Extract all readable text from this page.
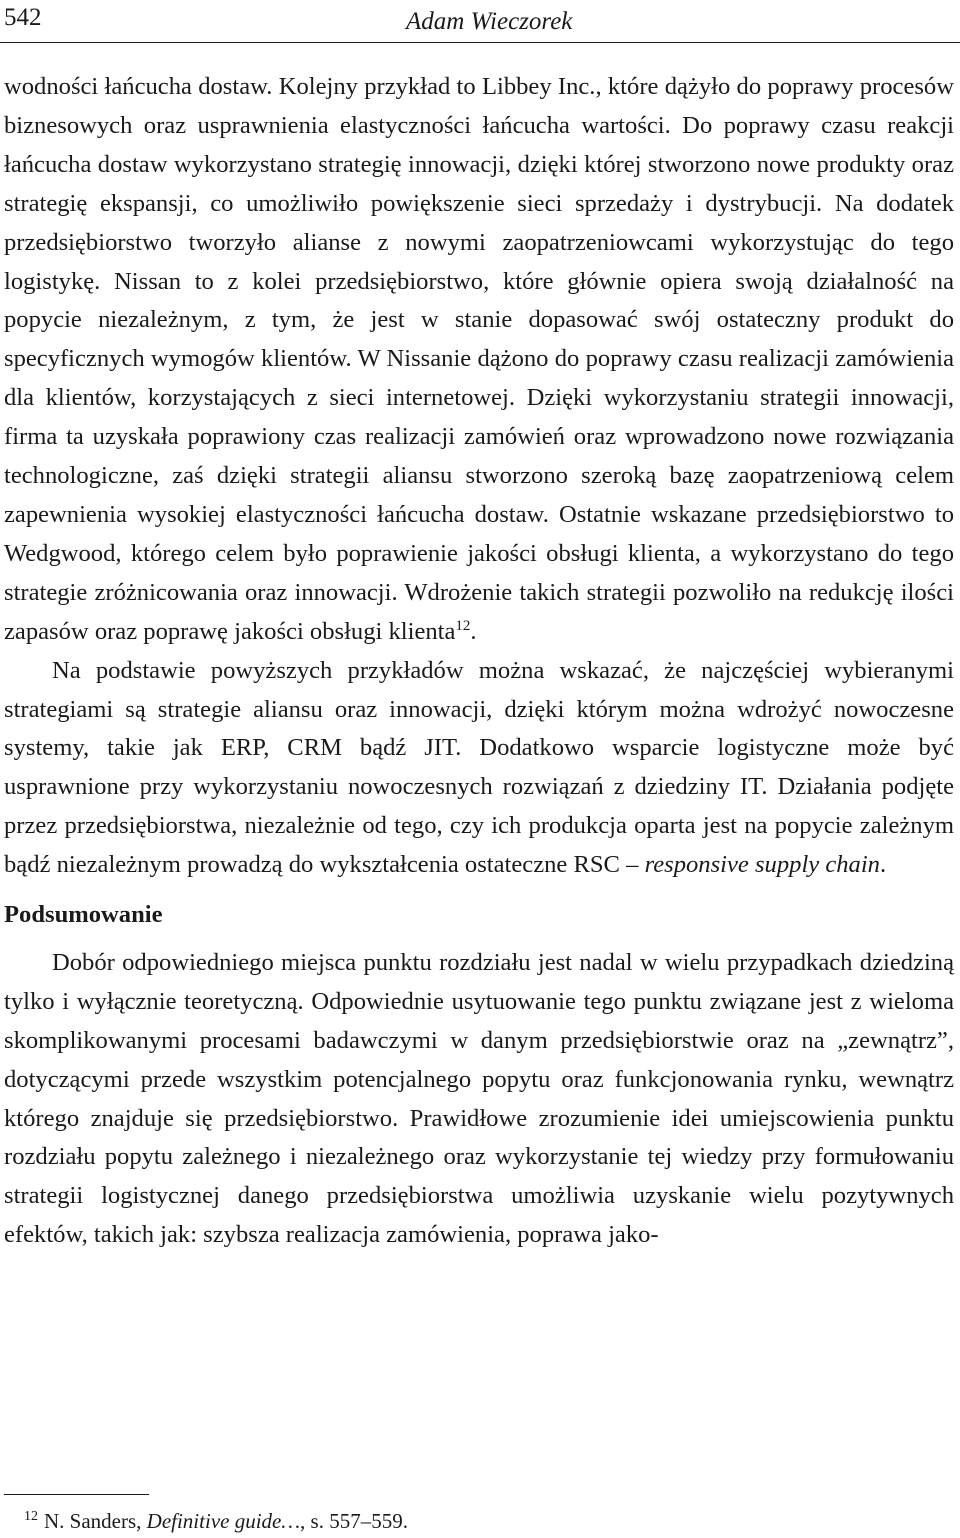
542	Adam Wieczorek

wodności łańcucha dostaw. Kolejny przykład to Libbey Inc., które dążyło do poprawy procesów biznesowych oraz usprawnienia elastyczności łańcucha wartości. Do poprawy czasu reakcji łańcucha dostaw wykorzystano strategię innowacji, dzięki której stworzono nowe produkty oraz strategię ekspansji, co umożliwiło powiększenie sieci sprzedaży i dystrybucji. Na dodatek przedsiębiorstwo tworzyło alianse z nowymi zaopatrzeniowcami wykorzystując do tego logistykę. Nissan to z kolei przedsiębiorstwo, które głównie opiera swoją działalność na popycie niezależnym, z tym, że jest w stanie dopasować swój ostateczny produkt do specyficznych wymogów klientów. W Nissanie dążono do poprawy czasu realizacji zamówienia dla klientów, korzystających z sieci internetowej. Dzięki wykorzystaniu strategii innowacji, firma ta uzyskała poprawiony czas realizacji zamówień oraz wprowadzono nowe rozwiązania technologiczne, zaś dzięki strategii aliansu stworzono szeroką bazę zaopatrzeniową celem zapewnienia wysokiej elastyczności łańcucha dostaw. Ostatnie wskazane przedsiębiorstwo to Wedgwood, którego celem było poprawienie jakości obsługi klienta, a wykorzystano do tego strategie zróżnicowania oraz innowacji. Wdrożenie takich strategii pozwoliło na redukcję ilości zapasów oraz poprawę jakości obsługi klienta$^{12}$.

Na podstawie powyższych przykładów można wskazać, że najczęściej wybieranymi strategiami są strategie aliansu oraz innowacji, dzięki którym można wdrożyć nowoczesne systemy, takie jak ERP, CRM bądź JIT. Dodatkowo wsparcie logistyczne może być usprawnione przy wykorzystaniu nowoczesnych rozwiązań z dziedziny IT. Działania podjęte przez przedsiębiorstwa, niezależnie od tego, czy ich produkcja oparta jest na popycie zależnym bądź niezależnym prowadzą do wykształcenia ostateczne RSC – responsive supply chain.

Podsumowanie

Dobór odpowiedniego miejsca punktu rozdziału jest nadal w wielu przypadkach dziedziną tylko i wyłącznie teoretyczną. Odpowiednie usytuowanie tego punktu związane jest z wieloma skomplikowanymi procesami badawczymi w danym przedsiębiorstwie oraz na „zewnątrz”, dotyczącymi przede wszystkim potencjalnego popytu oraz funkcjonowania rynku, wewnątrz którego znajduje się przedsiębiorstwo. Prawidłowe zrozumienie idei umiejscowienia punktu rozdziału popytu zależnego i niezależnego oraz wykorzystanie tej wiedzy przy formułowaniu strategii logistycznej danego przedsiębiorstwa umożliwia uzyskanie wielu pozytywnych efektów, takich jak: szybsza realizacja zamówienia, poprawa jako-

$^{12}$ N. Sanders, Definitive guide…, s. 557–559.
